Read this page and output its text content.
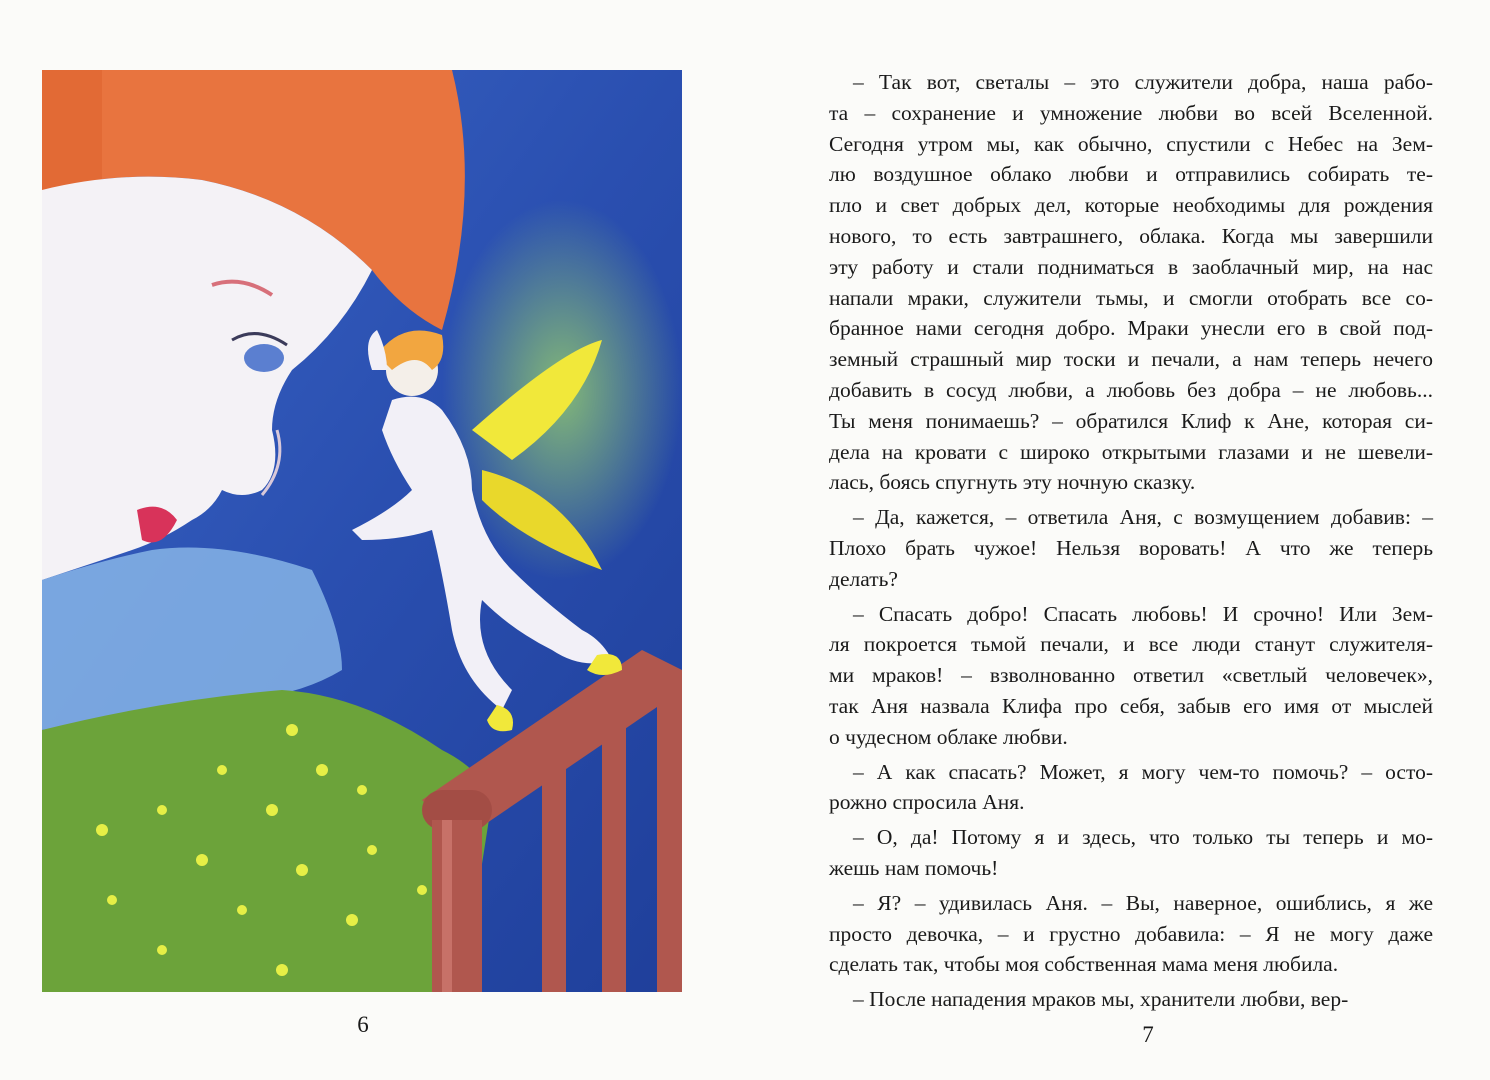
6
– Так вот, светалы – это служители добра, наша рабо-
та – сохранение и умножение любви во всей Вселенной.
Сегодня утром мы, как обычно, спустили с Небес на Зем-
лю воздушное облако любви и отправились собирать те-
пло и свет добрых дел, которые необходимы для рождения
нового, то есть завтрашнего, облака. Когда мы завершили
эту работу и стали подниматься в заоблачный мир, на нас
напали мраки, служители тьмы, и смогли отобрать все со-
бранное нами сегодня добро. Мраки унесли его в свой под-
земный страшный мир тоски и печали, а нам теперь нечего
добавить в сосуд любви, а любовь без добра – не любовь...
Ты меня понимаешь? – обратился Клиф к Ане, которая си-
дела на кровати с широко открытыми глазами и не шевели-
лась, боясь спугнуть эту ночную сказку.
– Да, кажется, – ответила Аня, с возмущением добавив: –
Плохо брать чужое! Нельзя воровать! А что же теперь
делать?
– Спасать добро! Спасать любовь! И срочно! Или Зем-
ля покроется тьмой печали, и все люди станут служителя-
ми мраков! – взволнованно ответил «светлый человечек»,
так Аня назвала Клифа про себя, забыв его имя от мыслей
о чудесном облаке любви.
– А как спасать? Может, я могу чем-то помочь? – осто-
рожно спросила Аня.
– О, да! Потому я и здесь, что только ты теперь и мо-
жешь нам помочь!
– Я? – удивилась Аня. – Вы, наверное, ошиблись, я же
просто девочка, – и грустно добавила: – Я не могу даже
сделать так, чтобы моя собственная мама меня любила.
– После нападения мраков мы, хранители любви, вер-
7
